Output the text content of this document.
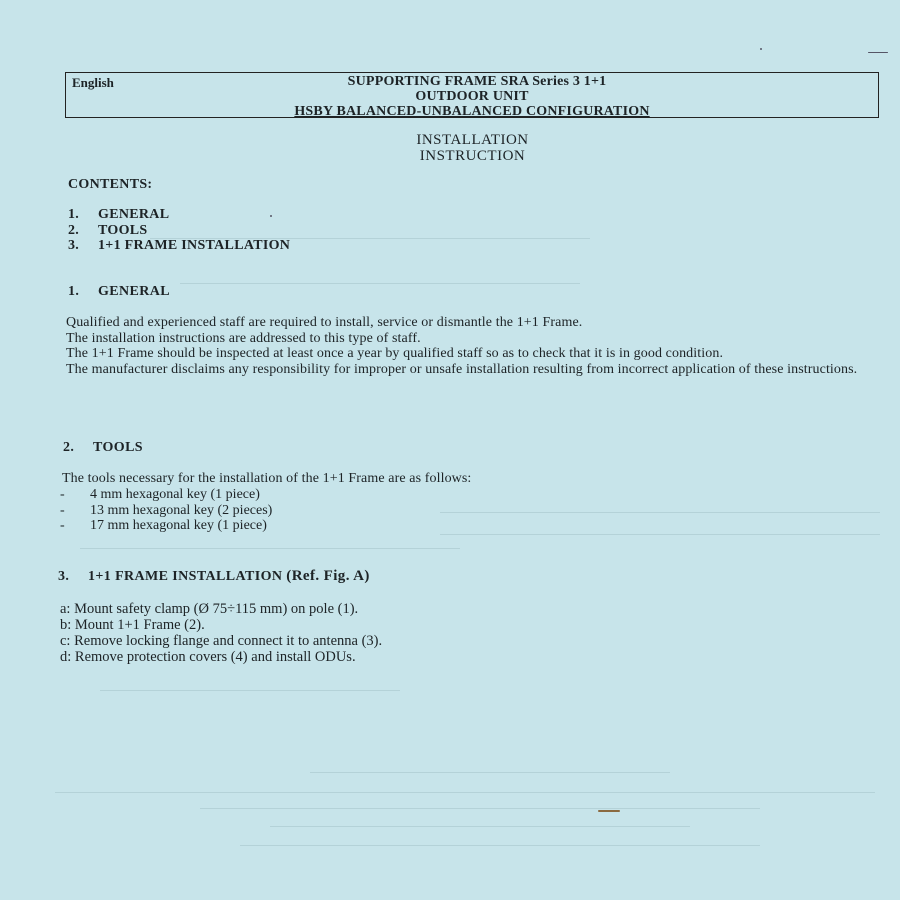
English	SUPPORTING FRAME SRA Series 3 1+1
OUTDOOR UNIT
HSBY BALANCED-UNBALANCED CONFIGURATION
INSTALLATION
INSTRUCTION
CONTENTS:
1. GENERAL
2. TOOLS
3. 1+1 FRAME INSTALLATION
1. GENERAL
Qualified and experienced staff are required to install, service or dismantle the 1+1 Frame.
The installation instructions are addressed to this type of staff.
The 1+1 Frame should be inspected at least once a year by qualified staff so as to check that it is in good condition.
The manufacturer disclaims any responsibility for improper or unsafe installation resulting from incorrect application of these instructions.
2. TOOLS
The tools necessary for the installation of the 1+1 Frame are as follows:
- 4 mm hexagonal key (1 piece)
- 13 mm hexagonal key (2 pieces)
- 17 mm hexagonal key (1 piece)
3. 1+1 FRAME INSTALLATION (Ref. Fig. A)
a: Mount safety clamp (Ø 75÷115 mm) on pole (1).
b: Mount 1+1 Frame (2).
c: Remove locking flange and connect it to antenna (3).
d: Remove protection covers (4) and install ODUs.
